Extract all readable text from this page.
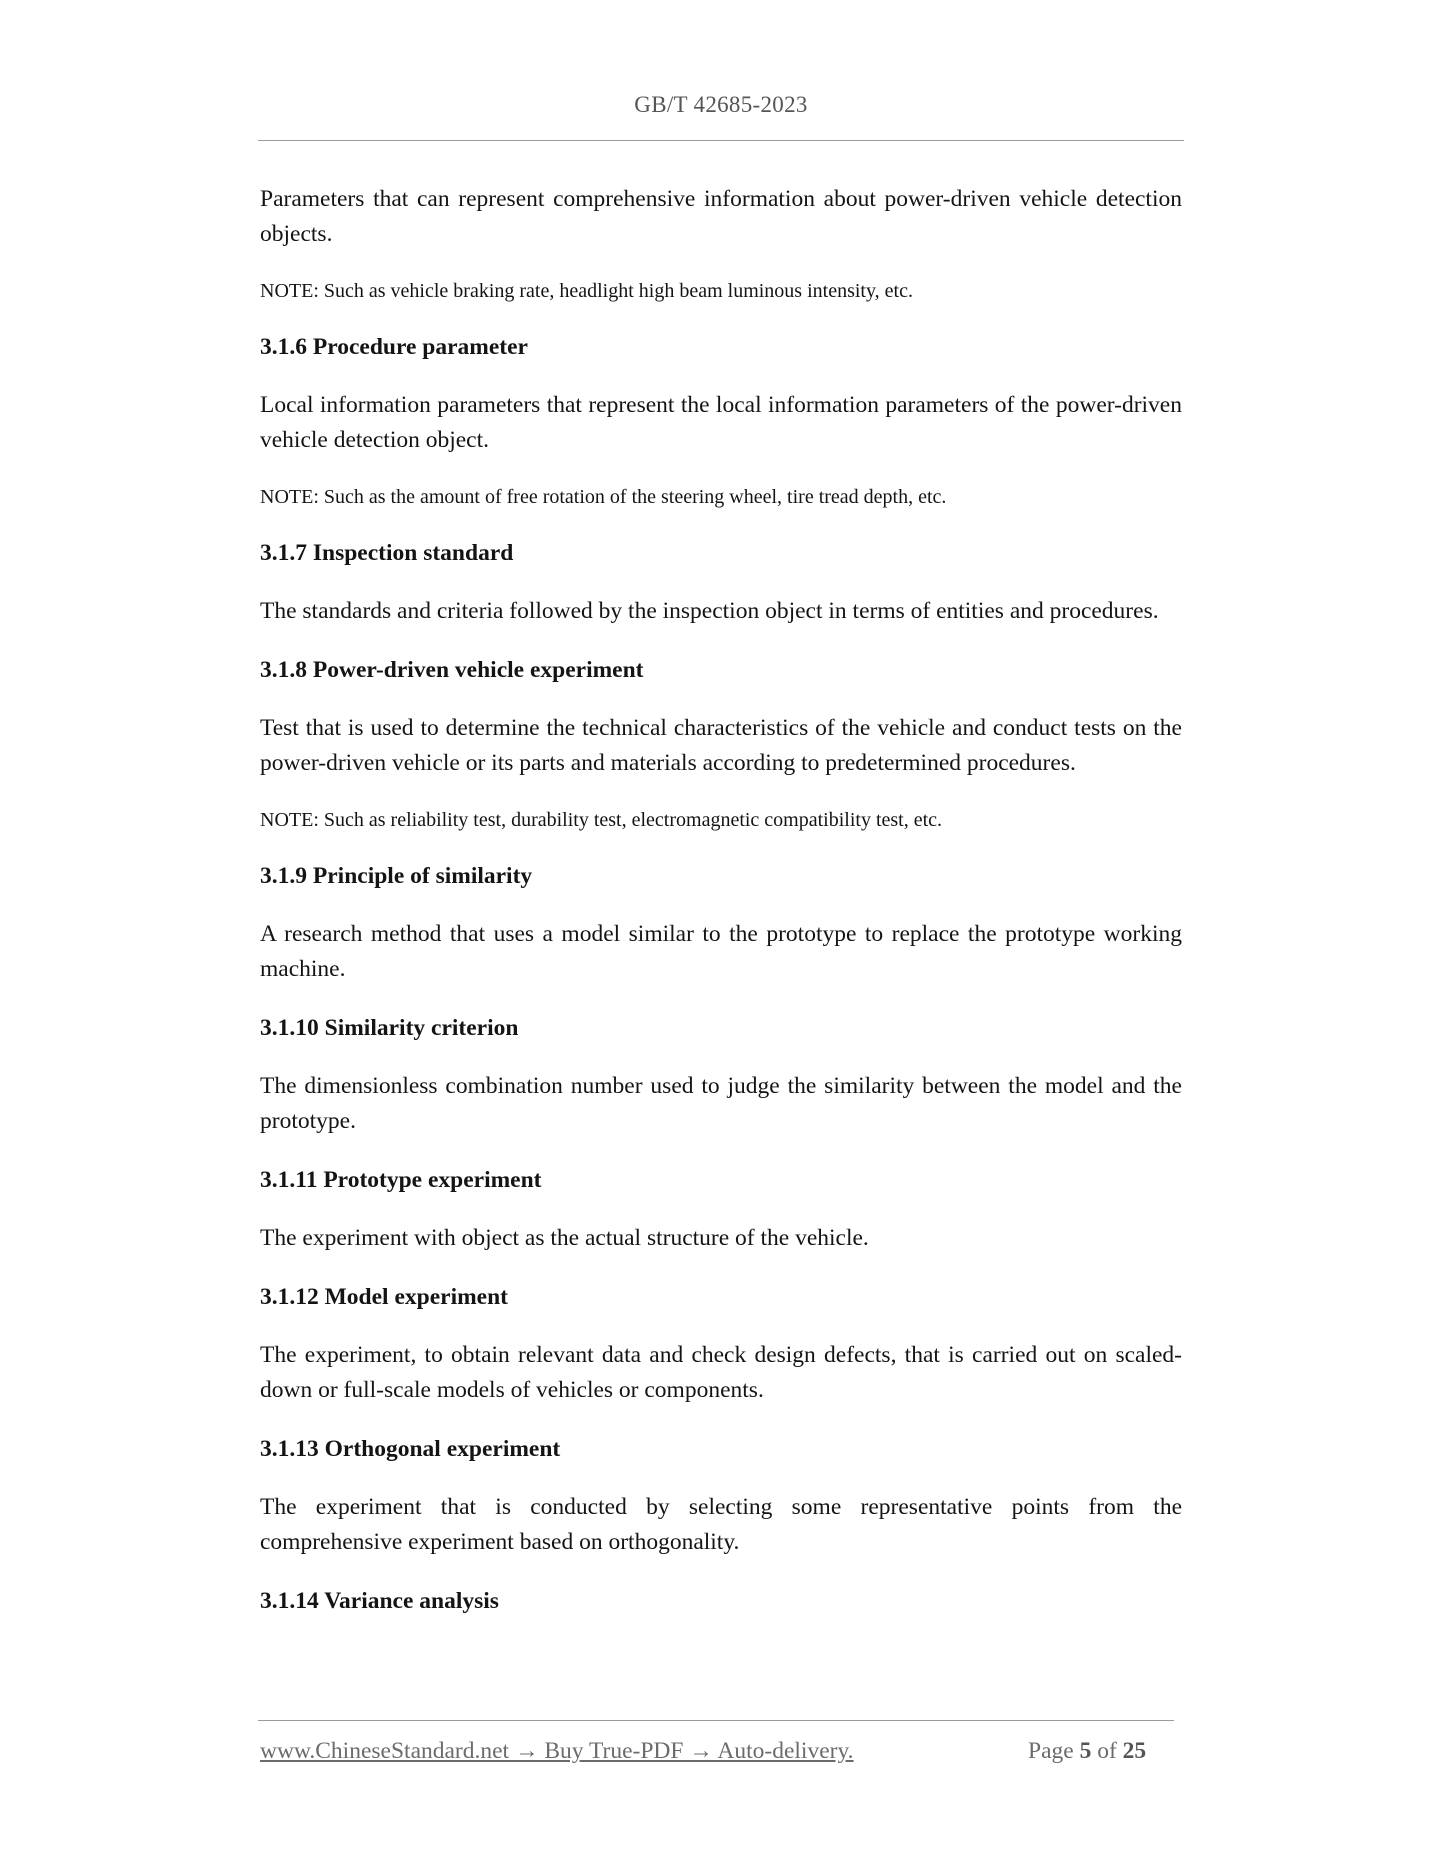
GB/T 42685-2023

Parameters that can represent comprehensive information about power-driven vehicle detection objects.

NOTE: Such as vehicle braking rate, headlight high beam luminous intensity, etc.

3.1.6 Procedure parameter

Local information parameters that represent the local information parameters of the power-driven vehicle detection object.

NOTE: Such as the amount of free rotation of the steering wheel, tire tread depth, etc.

3.1.7 Inspection standard

The standards and criteria followed by the inspection object in terms of entities and procedures.

3.1.8 Power-driven vehicle experiment

Test that is used to determine the technical characteristics of the vehicle and conduct tests on the power-driven vehicle or its parts and materials according to predetermined procedures.

NOTE: Such as reliability test, durability test, electromagnetic compatibility test, etc.

3.1.9 Principle of similarity

A research method that uses a model similar to the prototype to replace the prototype working machine.

3.1.10 Similarity criterion

The dimensionless combination number used to judge the similarity between the model and the prototype.

3.1.11 Prototype experiment

The experiment with object as the actual structure of the vehicle.

3.1.12 Model experiment

The experiment, to obtain relevant data and check design defects, that is carried out on scaled-down or full-scale models of vehicles or components.

3.1.13 Orthogonal experiment

The experiment that is conducted by selecting some representative points from the comprehensive experiment based on orthogonality.

3.1.14 Variance analysis

www.ChineseStandard.net → Buy True-PDF → Auto-delivery.	Page 5 of 25
